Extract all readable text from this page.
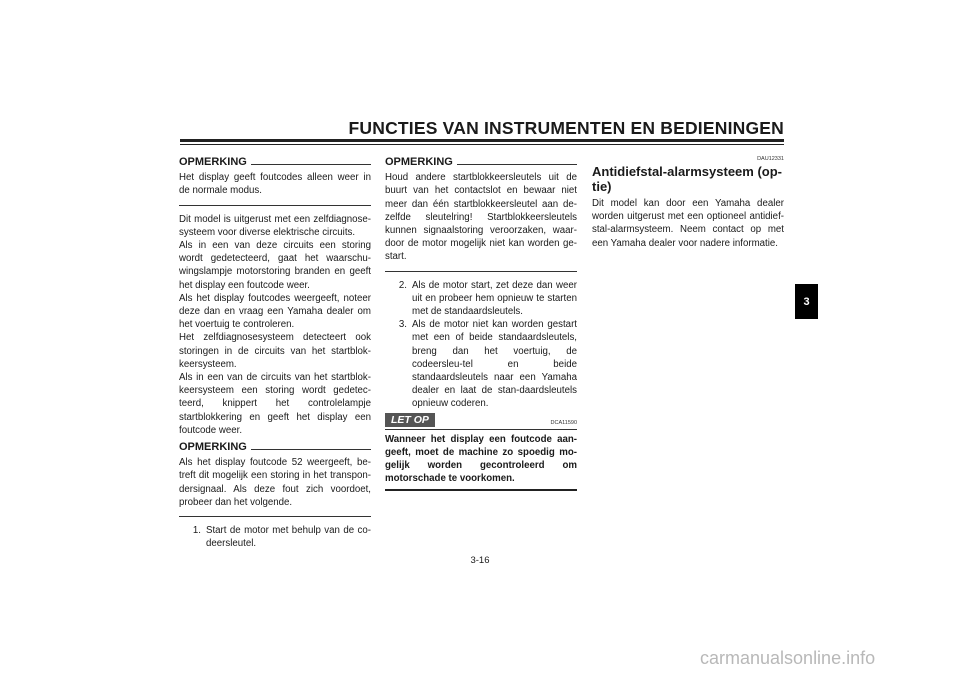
FUNCTIES VAN INSTRUMENTEN EN BEDIENINGEN
OPMERKING

Het display geeft foutcodes alleen weer in de normale modus.

Dit model is uitgerust met een zelfdiagnose-systeem voor diverse elektrische circuits.

Als in een van deze circuits een storing wordt gedetecteerd, gaat het waarschu-wingslampje motorstoring branden en geeft het display een foutcode weer.

Als het display foutcodes weergeeft, noteer deze dan en vraag een Yamaha dealer om het voertuig te controleren.

Het zelfdiagnosesysteem detecteert ook storingen in de circuits van het startblok-keersysteem.

Als in een van de circuits van het startblok-keersysteem een storing wordt gedetec-teerd, knippert het controlelampje startblokkering en geeft het display een foutcode weer.

OPMERKING

Als het display foutcode 52 weergeeft, be-treft dit mogelijk een storing in het transpon-dersignaal. Als deze fout zich voordoet, probeer dan het volgende.

1. Start de motor met behulp van de co-deersleutel.
OPMERKING

Houd andere startblokkeersleutels uit de buurt van het contactslot en bewaar niet meer dan één startblokkeersleutel aan de-zelfde sleutelring! Startblokkeersleutels kunnen signaalstoring veroorzaken, waar-door de motor mogelijk niet kan worden ge-start.

2. Als de motor start, zet deze dan weer uit en probeer hem opnieuw te starten met de standaardsleutels.
3. Als de motor niet kan worden gestart met een of beide standaardsleutels, breng dan het voertuig, de codeersleu-tel en beide standaardsleutels naar een Yamaha dealer en laat de stan-daardsleutels opnieuw coderen.
LET OP	DCA11590

Wanneer het display een foutcode aan-geeft, moet de machine zo spoedig mo-gelijk worden gecontroleerd om motorschade te voorkomen.

DAU12331
Antidiefstal-alarmsysteem (op-tie)

Dit model kan door een Yamaha dealer worden uitgerust met een optioneel antidief-stal-alarmsysteem. Neem contact op met een Yamaha dealer voor nadere informatie.

3
3-16
carmanualsonline.info
